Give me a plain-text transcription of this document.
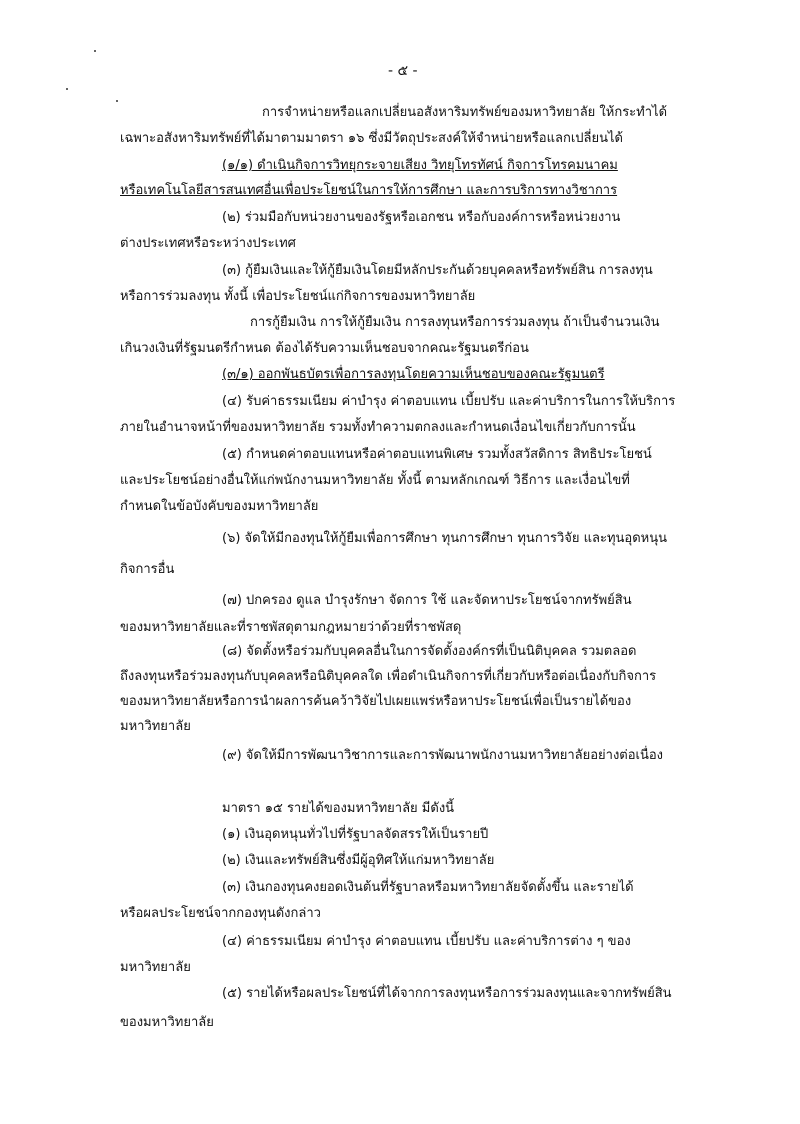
- ๕ -
การจำหน่ายหรือแลกเปลี่ยนอสังหาริมทรัพย์ของมหาวิทยาลัย ให้กระทำได้
เฉพาะอสังหาริมทรัพย์ที่ได้มาตามมาตรา ๑๖ ซึ่งมีวัตถุประสงค์ให้จำหน่ายหรือแลกเปลี่ยนได้
(๑/๑) ดำเนินกิจการวิทยุกระจายเสียง วิทยุโทรทัศน์ กิจการโทรคมนาคม
หรือเทคโนโลยีสารสนเทศอื่นเพื่อประโยชน์ในการให้การศึกษา และการบริการทางวิชาการ
(๒) ร่วมมือกับหน่วยงานของรัฐหรือเอกชน หรือกับองค์การหรือหน่วยงาน
ต่างประเทศหรือระหว่างประเทศ
(๓) กู้ยืมเงินและให้กู้ยืมเงินโดยมีหลักประกันด้วยบุคคลหรือทรัพย์สิน การลงทุน
หรือการร่วมลงทุน ทั้งนี้ เพื่อประโยชน์แก่กิจการของมหาวิทยาลัย
การกู้ยืมเงิน การให้กู้ยืมเงิน การลงทุนหรือการร่วมลงทุน ถ้าเป็นจำนวนเงิน
เกินวงเงินที่รัฐมนตรีกำหนด ต้องได้รับความเห็นชอบจากคณะรัฐมนตรีก่อน
(๓/๑) ออกพันธบัตรเพื่อการลงทุนโดยความเห็นชอบของคณะรัฐมนตรี
(๔) รับค่าธรรมเนียม ค่าบำรุง ค่าตอบแทน เบี้ยปรับ และค่าบริการในการให้บริการ
ภายในอำนาจหน้าที่ของมหาวิทยาลัย รวมทั้งทำความตกลงและกำหนดเงื่อนไขเกี่ยวกับการนั้น
(๕) กำหนดค่าตอบแทนหรือค่าตอบแทนพิเศษ รวมทั้งสวัสดิการ สิทธิประโยชน์
และประโยชน์อย่างอื่นให้แก่พนักงานมหาวิทยาลัย ทั้งนี้ ตามหลักเกณฑ์ วิธีการ และเงื่อนไขที่
กำหนดในข้อบังคับของมหาวิทยาลัย
(๖) จัดให้มีกองทุนให้กู้ยืมเพื่อการศึกษา ทุนการศึกษา ทุนการวิจัย และทุนอุดหนุน
กิจการอื่น
(๗) ปกครอง ดูแล บำรุงรักษา จัดการ ใช้ และจัดหาประโยชน์จากทรัพย์สิน
ของมหาวิทยาลัยและที่ราชพัสดุตามกฎหมายว่าด้วยที่ราชพัสดุ
(๘) จัดตั้งหรือร่วมกับบุคคลอื่นในการจัดตั้งองค์กรที่เป็นนิติบุคคล รวมตลอด
ถึงลงทุนหรือร่วมลงทุนกับบุคคลหรือนิติบุคคลใด เพื่อดำเนินกิจการที่เกี่ยวกับหรือต่อเนื่องกับกิจการ
ของมหาวิทยาลัยหรือการนำผลการค้นคว้าวิจัยไปเผยแพร่หรือหาประโยชน์เพื่อเป็นรายได้ของ
มหาวิทยาลัย
(๙) จัดให้มีการพัฒนาวิชาการและการพัฒนาพนักงานมหาวิทยาลัยอย่างต่อเนื่อง
มาตรา ๑๕ รายได้ของมหาวิทยาลัย มีดังนี้
(๑) เงินอุดหนุนทั่วไปที่รัฐบาลจัดสรรให้เป็นรายปี
(๒) เงินและทรัพย์สินซึ่งมีผู้อุทิศให้แก่มหาวิทยาลัย
(๓) เงินกองทุนคงยอดเงินต้นที่รัฐบาลหรือมหาวิทยาลัยจัดตั้งขึ้น และรายได้
หรือผลประโยชน์จากกองทุนดังกล่าว
(๔) ค่าธรรมเนียม ค่าบำรุง ค่าตอบแทน เบี้ยปรับ และค่าบริการต่าง ๆ ของ
มหาวิทยาลัย
(๕) รายได้หรือผลประโยชน์ที่ได้จากการลงทุนหรือการร่วมลงทุนและจากทรัพย์สิน
ของมหาวิทยาลัย
